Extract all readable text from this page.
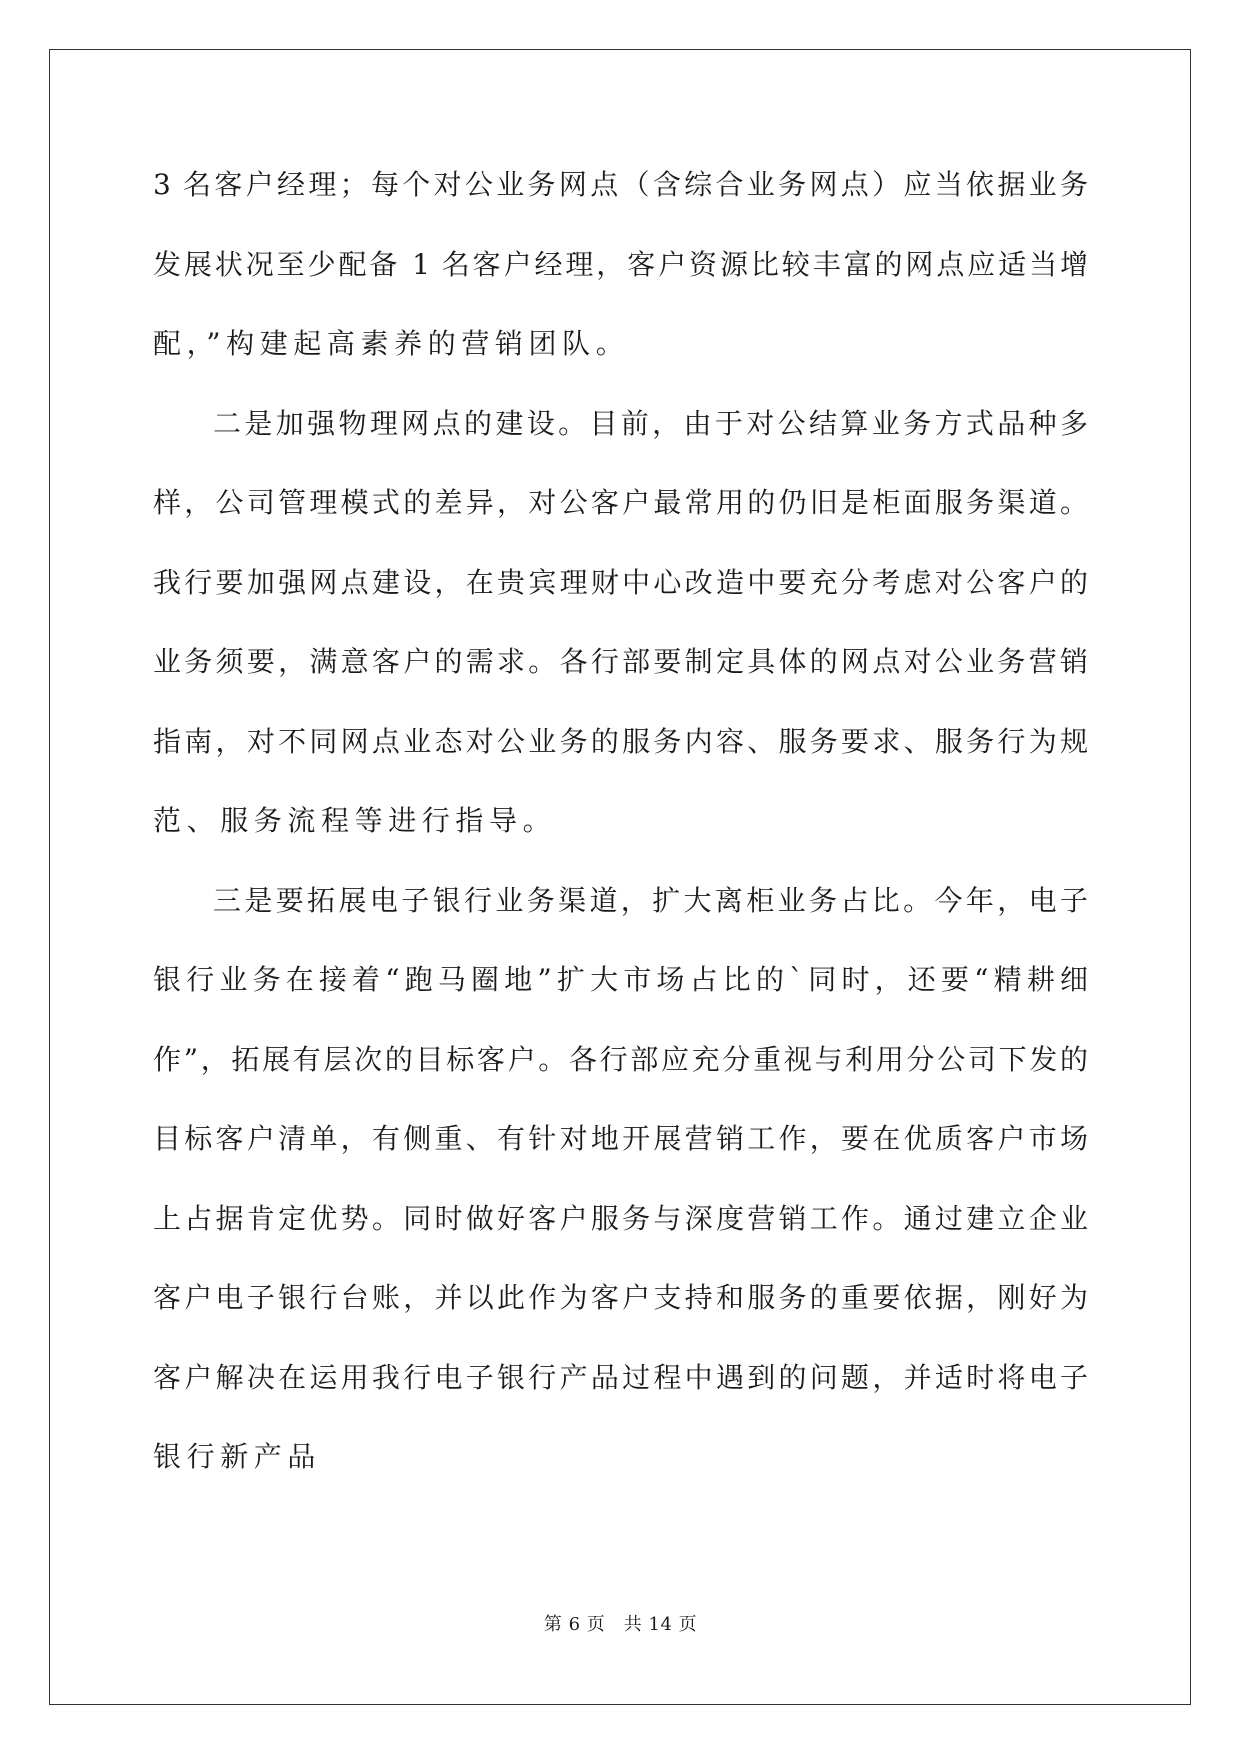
3 名客户经理；每个对公业务网点（含综合业务网点）应当依据业务
发展状况至少配备 1 名客户经理，客户资源比较丰富的网点应适当增
配，”构建起高素养的营销团队。
二是加强物理网点的建设。目前，由于对公结算业务方式品种多
样，公司管理模式的差异，对公客户最常用的仍旧是柜面服务渠道。
我行要加强网点建设，在贵宾理财中心改造中要充分考虑对公客户的
业务须要，满意客户的需求。各行部要制定具体的网点对公业务营销
指南，对不同网点业态对公业务的服务内容、服务要求、服务行为规
范、服务流程等进行指导。
三是要拓展电子银行业务渠道，扩大离柜业务占比。今年，电子
银行业务在接着“跑马圈地”扩大市场占比的`同时，还要“精耕细
作”，拓展有层次的目标客户。各行部应充分重视与利用分公司下发的
目标客户清单，有侧重、有针对地开展营销工作，要在优质客户市场
上占据肯定优势。同时做好客户服务与深度营销工作。通过建立企业
客户电子银行台账，并以此作为客户支持和服务的重要依据，刚好为
客户解决在运用我行电子银行产品过程中遇到的问题，并适时将电子
银行新产品
第 6 页　共 14 页
